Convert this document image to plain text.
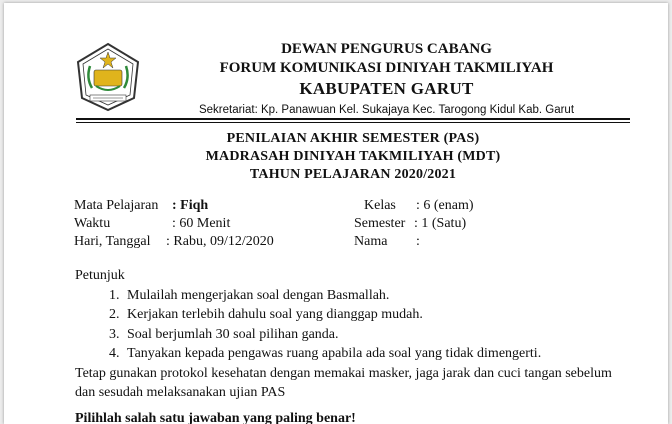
DEWAN PENGURUS CABANG
FORUM KOMUNIKASI DINIYAH TAKMILIYAH
KABUPATEN GARUT
Sekretariat: Kp. Panawuan Kel. Sukajaya Kec. Tarogong Kidul Kab. Garut
PENILAIAN AKHIR SEMESTER (PAS)
MADRASAH DINIYAH TAKMILIYAH (MDT)
TAHUN PELAJARAN 2020/2021
Mata Pelajaran : Fiqh
Waktu	: 60 Menit
Hari, Tanggal : Rabu, 09/12/2020
Kelas : 6 (enam)
Semester : 1 (Satu)
Nama :
Petunjuk
1. Mulailah mengerjakan soal dengan Basmallah.
2. Kerjakan terlebih dahulu soal yang dianggap mudah.
3. Soal berjumlah 30 soal pilihan ganda.
4. Tanyakan kepada pengawas ruang apabila ada soal yang tidak dimengerti.
Tetap gunakan protokol kesehatan dengan memakai masker, jaga jarak dan cuci tangan sebelum dan sesudah melaksanakan ujian PAS
Pilihlah salah satu jawaban yang paling benar!
